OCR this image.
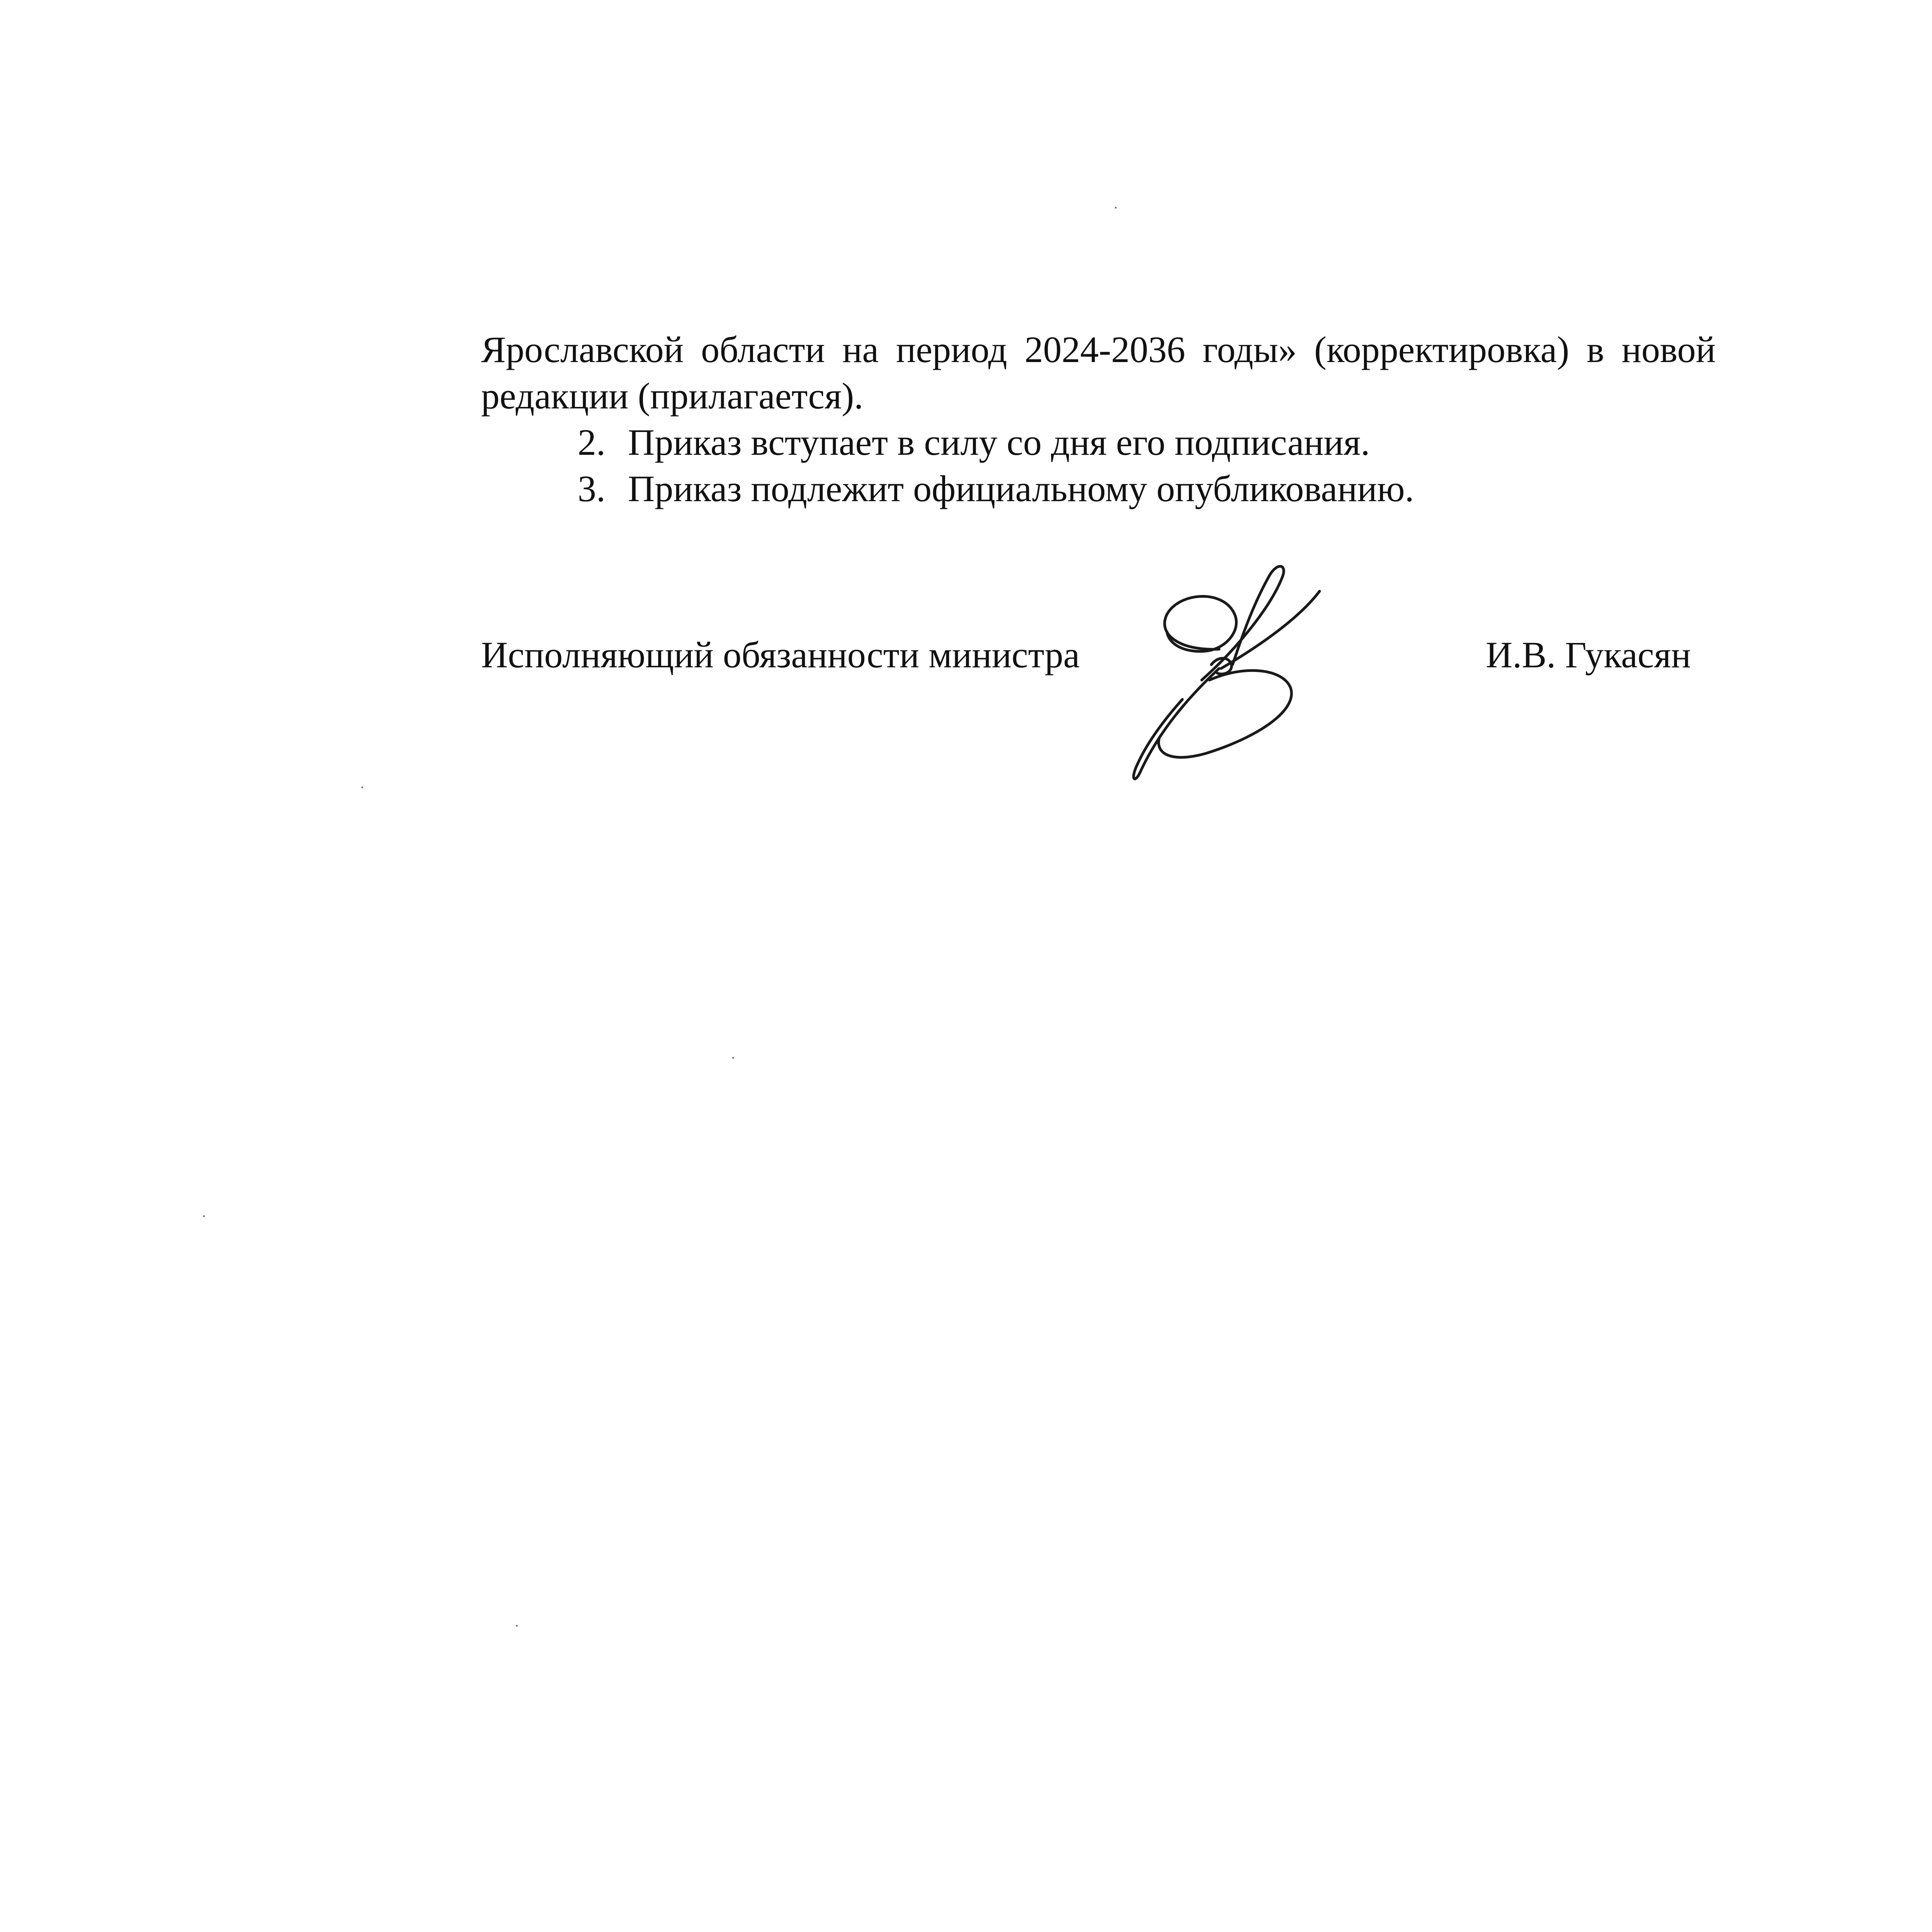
Ярославской области на период 2024-2036 годы» (корректировка) в новой
редакции (прилагается).
2. Приказ вступает в силу со дня его подписания.
3. Приказ подлежит официальному опубликованию.
Исполняющий обязанности министра	И.В. Гукасян
